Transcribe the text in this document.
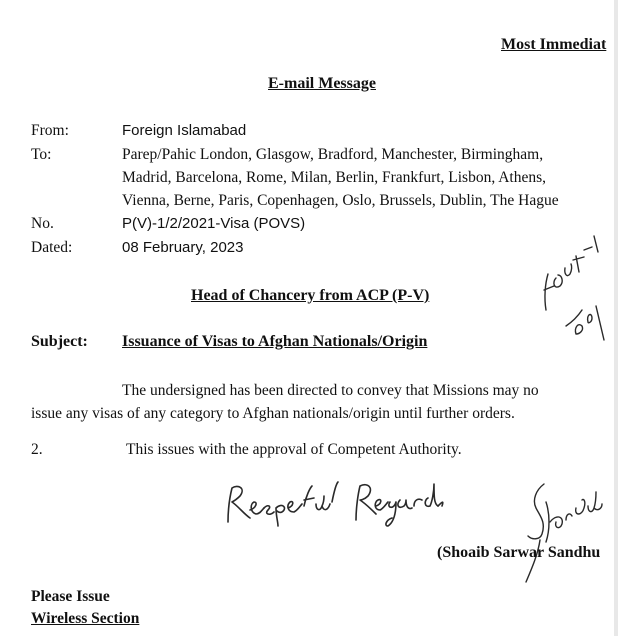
Most Immediat
E-mail Message
From:	Foreign Islamabad
To:	Parep/Pahic London, Glasgow, Bradford, Manchester, Birmingham,
Madrid, Barcelona, Rome, Milan, Berlin, Frankfurt, Lisbon, Athens,
Vienna, Berne, Paris, Copenhagen, Oslo, Brussels, Dublin, The Hague
No.	P(V)-1/2/2021-Visa (POVS)
Dated:	08 February, 2023
Head of Chancery from ACP (P-V)
Subject: Issuance of Visas to Afghan Nationals/Origin
The undersigned has been directed to convey that Missions may no
issue any visas of any category to Afghan nationals/origin until further orders.
2.	This issues with the approval of Competent Authority.
(Shoaib Sarwar Sandhu
Please Issue
Wireless Section
